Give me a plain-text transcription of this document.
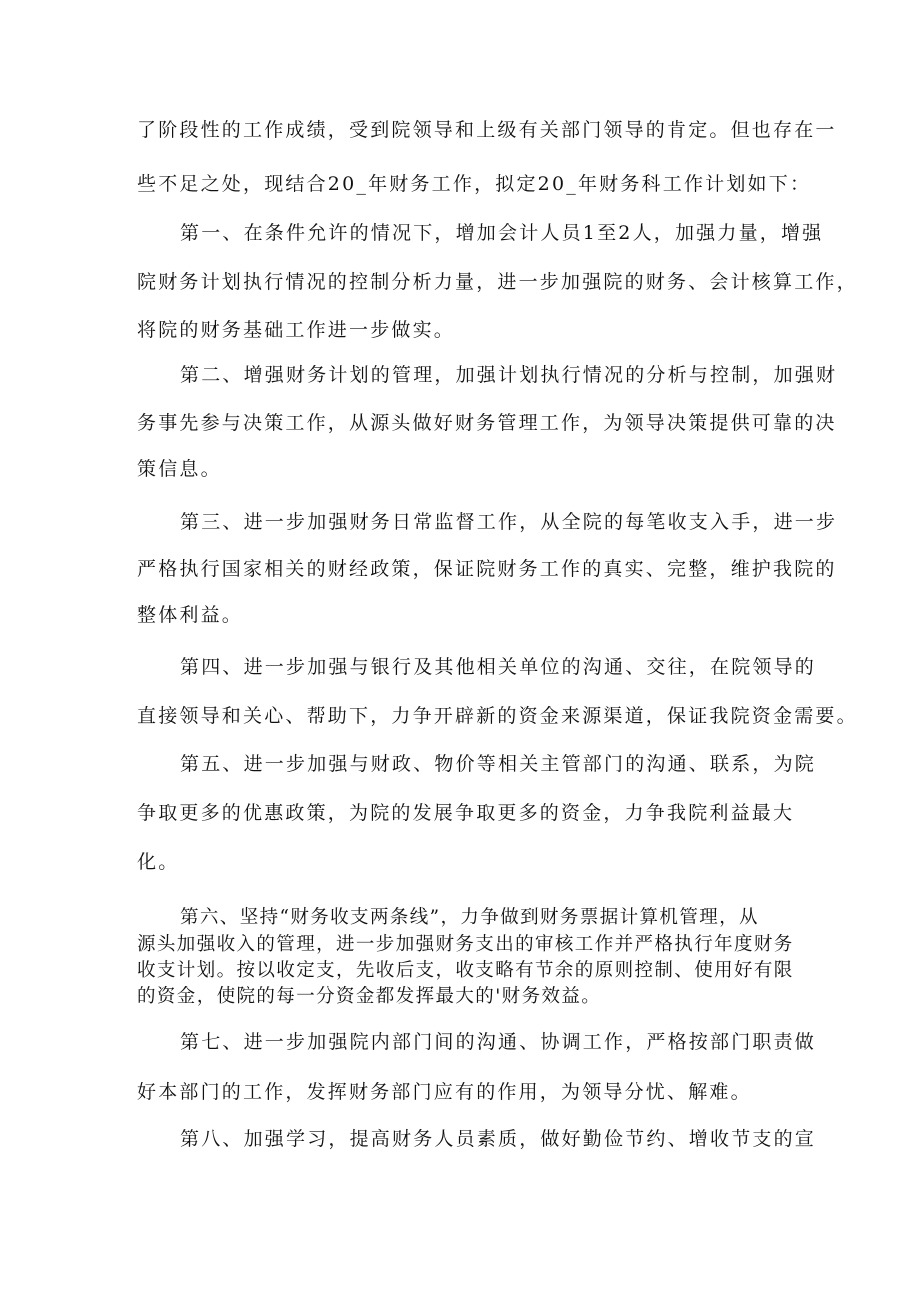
了阶段性的工作成绩，受到院领导和上级有关部门领导的肯定。但也存在一
些不足之处，现结合20_年财务工作，拟定20_年财务科工作计划如下：
第一、在条件允许的情况下，增加会计人员1至2人，加强力量，增强
院财务计划执行情况的控制分析力量，进一步加强院的财务、会计核算工作，
将院的财务基础工作进一步做实。
第二、增强财务计划的管理，加强计划执行情况的分析与控制，加强财
务事先参与决策工作，从源头做好财务管理工作，为领导决策提供可靠的决
策信息。
第三、进一步加强财务日常监督工作，从全院的每笔收支入手，进一步
严格执行国家相关的财经政策，保证院财务工作的真实、完整，维护我院的
整体利益。
第四、进一步加强与银行及其他相关单位的沟通、交往，在院领导的
直接领导和关心、帮助下，力争开辟新的资金来源渠道，保证我院资金需要。
第五、进一步加强与财政、物价等相关主管部门的沟通、联系，为院
争取更多的优惠政策，为院的发展争取更多的资金，力争我院利益最大
化。
第六、坚持“财务收支两条线”，力争做到财务票据计算机管理，从
源头加强收入的管理，进一步加强财务支出的审核工作并严格执行年度财务
收支计划。按以收定支，先收后支，收支略有节余的原则控制、使用好有限
的资金，使院的每一分资金都发挥最大的'财务效益。
第七、进一步加强院内部门间的沟通、协调工作，严格按部门职责做
好本部门的工作，发挥财务部门应有的作用，为领导分忧、解难。
第八、加强学习，提高财务人员素质，做好勤俭节约、增收节支的宣
